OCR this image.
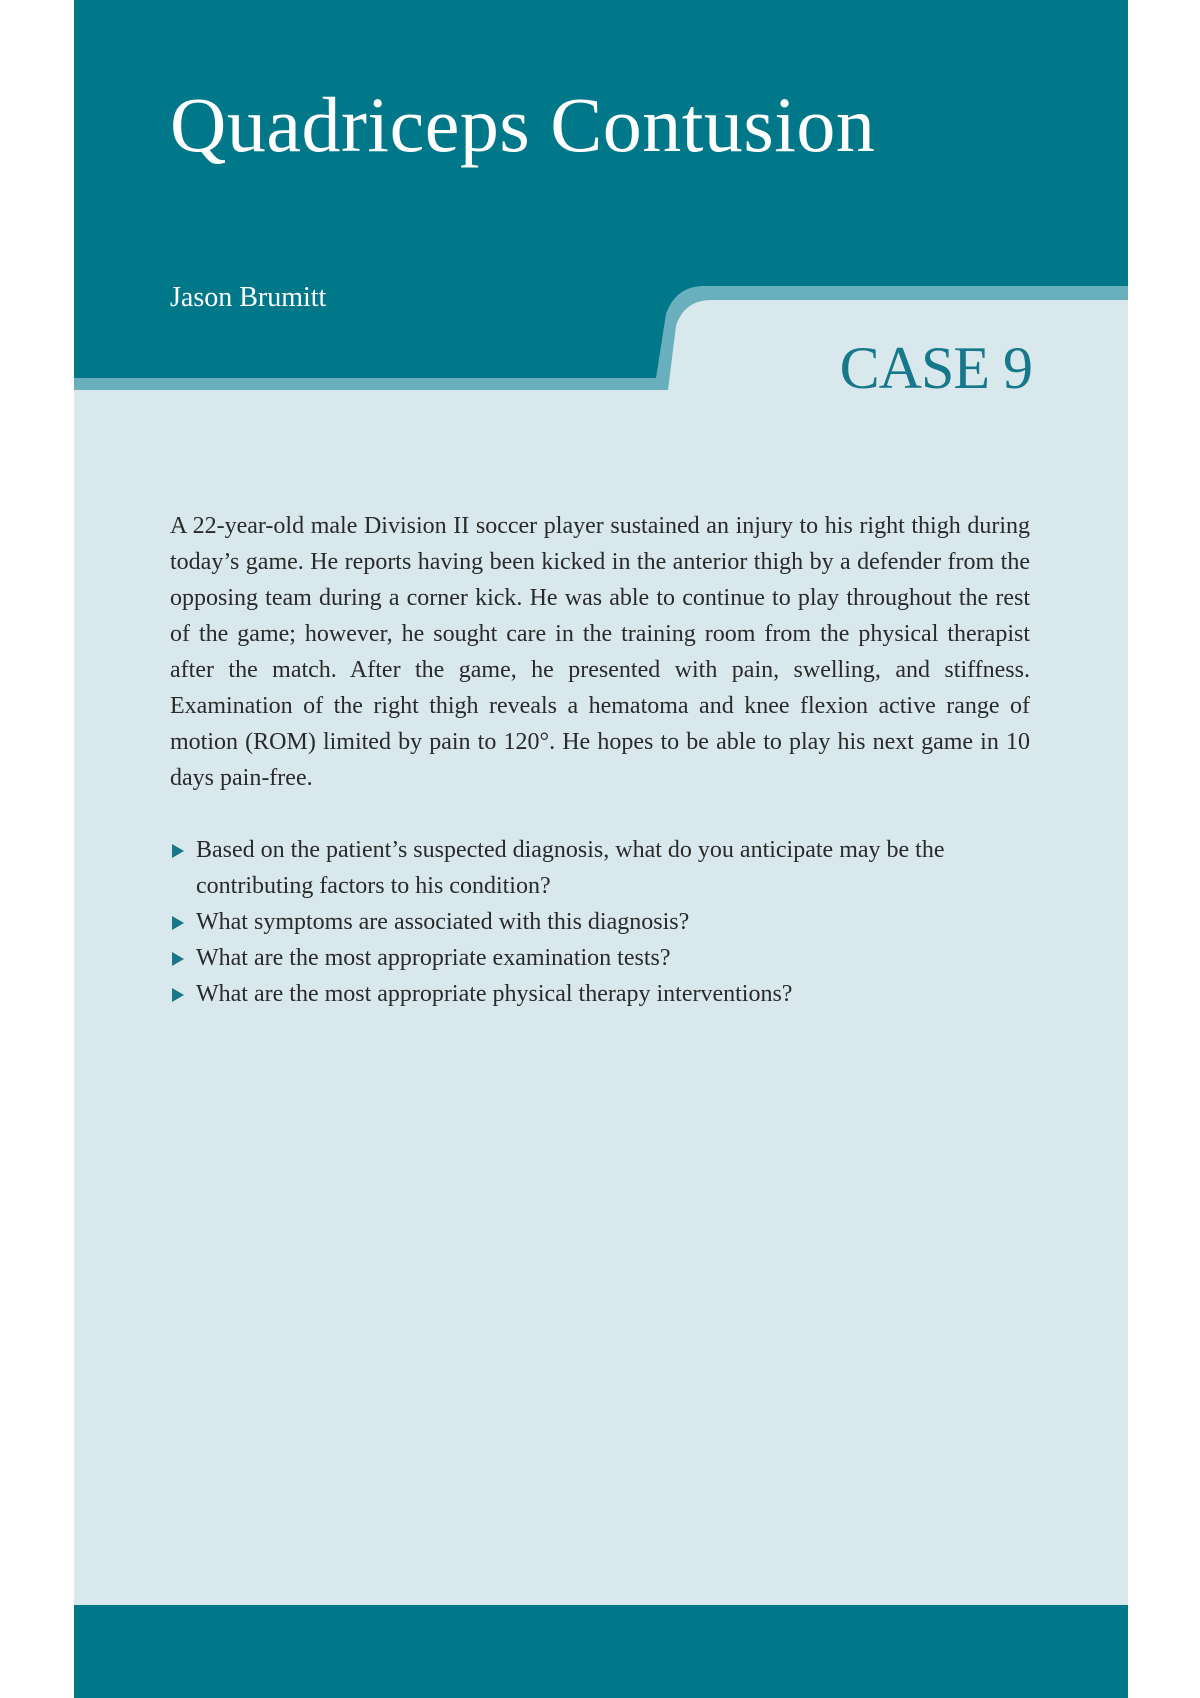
Quadriceps Contusion
Jason Brumitt
CASE 9

A 22-year-old male Division II soccer player sustained an injury to his right thigh during today’s game. He reports having been kicked in the anterior thigh by a defender from the opposing team during a corner kick. He was able to continue to play throughout the rest of the game; however, he sought care in the training room from the physical therapist after the match. After the game, he presented with pain, swelling, and stiffness. Examination of the right thigh reveals a hematoma and knee flexion active range of motion (ROM) limited by pain to 120°. He hopes to be able to play his next game in 10 days pain-free.

Based on the patient’s suspected diagnosis, what do you anticipate may be the contributing factors to his condition?
What symptoms are associated with this diagnosis?
What are the most appropriate examination tests?
What are the most appropriate physical therapy interventions?
